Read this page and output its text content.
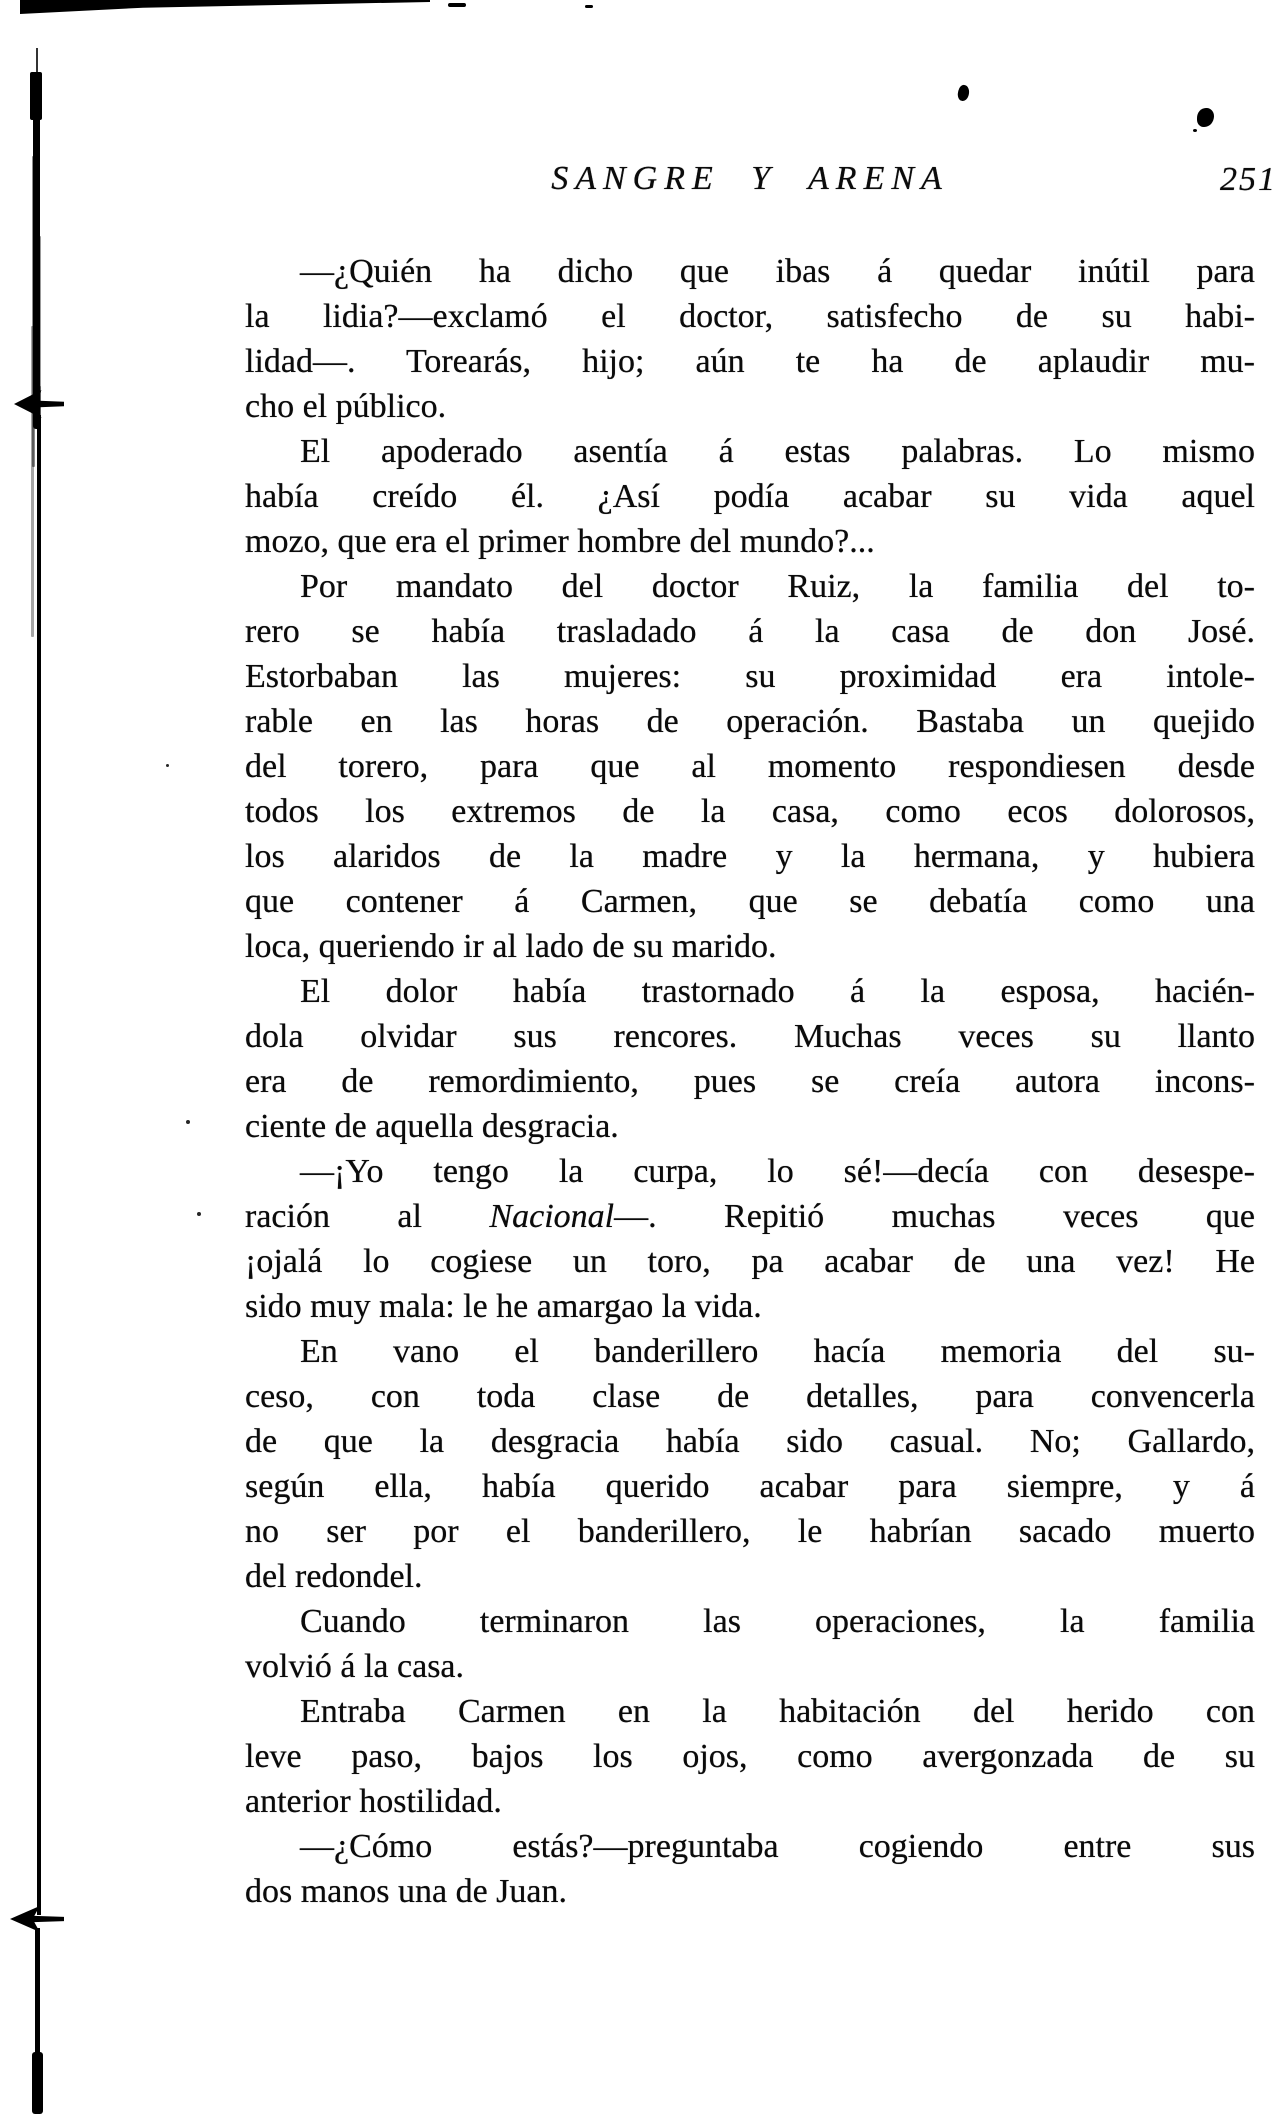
SANGRE Y ARENA	251
—¿Quién ha dicho que ibas á quedar inútil para
la lidia?—exclamó el doctor, satisfecho de su habi-
lidad—. Torearás, hijo; aún te ha de aplaudir mu-
cho el público.
El apoderado asentía á estas palabras. Lo mismo
había creído él. ¿Así podía acabar su vida aquel
mozo, que era el primer hombre del mundo?...
Por mandato del doctor Ruiz, la familia del to-
rero se había trasladado á la casa de don José.
Estorbaban las mujeres: su proximidad era intole-
rable en las horas de operación. Bastaba un quejido
del torero, para que al momento respondiesen desde
todos los extremos de la casa, como ecos dolorosos,
los alaridos de la madre y la hermana, y hubiera
que contener á Carmen, que se debatía como una
loca, queriendo ir al lado de su marido.
El dolor había trastornado á la esposa, hacién-
dola olvidar sus rencores. Muchas veces su llanto
era de remordimiento, pues se creía autora incons-
ciente de aquella desgracia.
—¡Yo tengo la curpa, lo sé!—decía con desespe-
ración al Nacional—. Repitió muchas veces que
¡ojalá lo cogiese un toro, pa acabar de una vez! He
sido muy mala: le he amargao la vida.
En vano el banderillero hacía memoria del su-
ceso, con toda clase de detalles, para convencerla
de que la desgracia había sido casual. No; Gallardo,
según ella, había querido acabar para siempre, y á
no ser por el banderillero, le habrían sacado muerto
del redondel.
Cuando terminaron las operaciones, la familia
volvió á la casa.
Entraba Carmen en la habitación del herido con
leve paso, bajos los ojos, como avergonzada de su
anterior hostilidad.
—¿Cómo estás?—preguntaba cogiendo entre sus
dos manos una de Juan.
